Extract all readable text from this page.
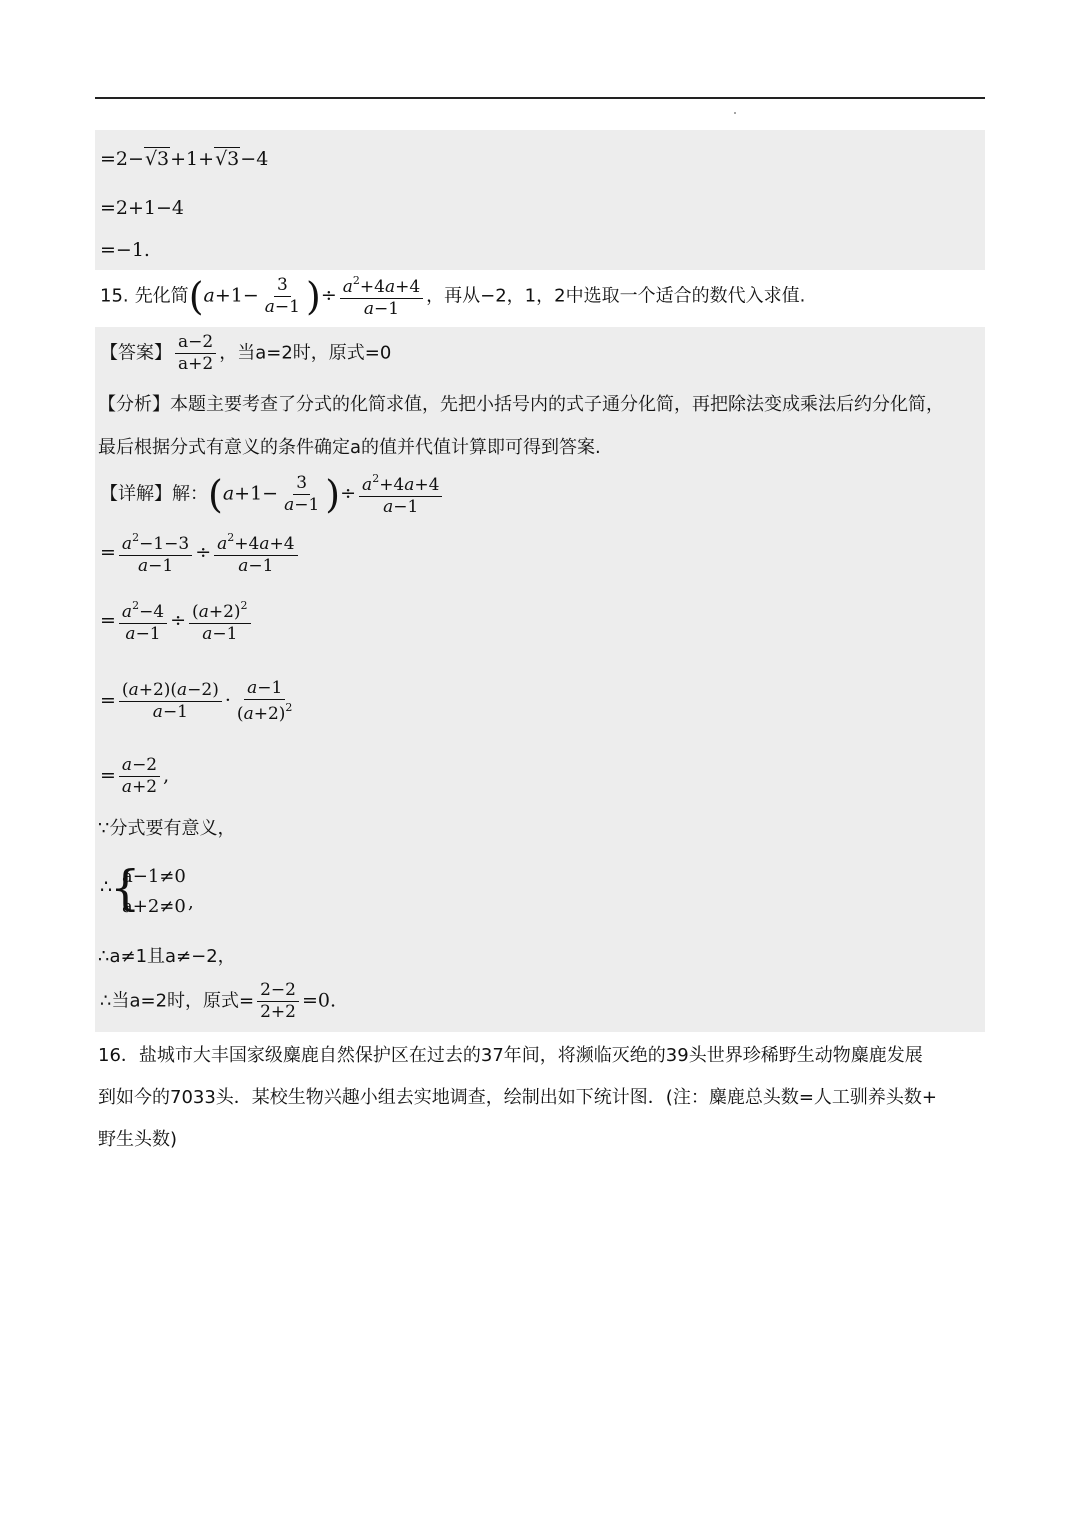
=2−√3+1+√3−4
=2+1−4
=−1.
15. 先化简($a+1- \frac{3}{a-1}$ )÷ $\frac{a^2+4a+4}{a-1}$ ，再从−2，1，2中选取一个适合的数代入求值.
【答案】 $\frac{a-2}{a+2}$ ，当a=2时，原式=0
【分析】本题主要考查了分式的化简求值，先把小括号内的式子通分化简，再把除法变成乘法后约分化简，
最后根据分式有意义的条件确定a的值并代值计算即可得到答案.
【详解】解：($a+1- \frac{3}{a-1}$ )÷ $\frac{a^2+4a+4}{a-1}$
= $\frac{a^2-1-3}{a-1} \div \frac{a^2+4a+4}{a-1}$
= $\frac{a^2-4}{a-1} \div \frac{(a+2)^2}{a-1}$
= $\frac{(a+2)(a-2)}{a-1} \cdot \frac{a-1}{(a+2)^2}$
= $\frac{a-2}{a+2}$ ,
∵分式要有意义，
∴
{
a−1≠0
a+2≠0 ,
∴a≠1且a≠−2，
∴当a=2时，原式= $\frac{2-2}{2+2} =0$.
16．盐城市大丰国家级麋鹿自然保护区在过去的37年间，将濒临灭绝的39头世界珍稀野生动物麋鹿发展
到如今的7033头．某校生物兴趣小组去实地调查，绘制出如下统计图．(注：麋鹿总头数=人工驯养头数+
野生头数)
